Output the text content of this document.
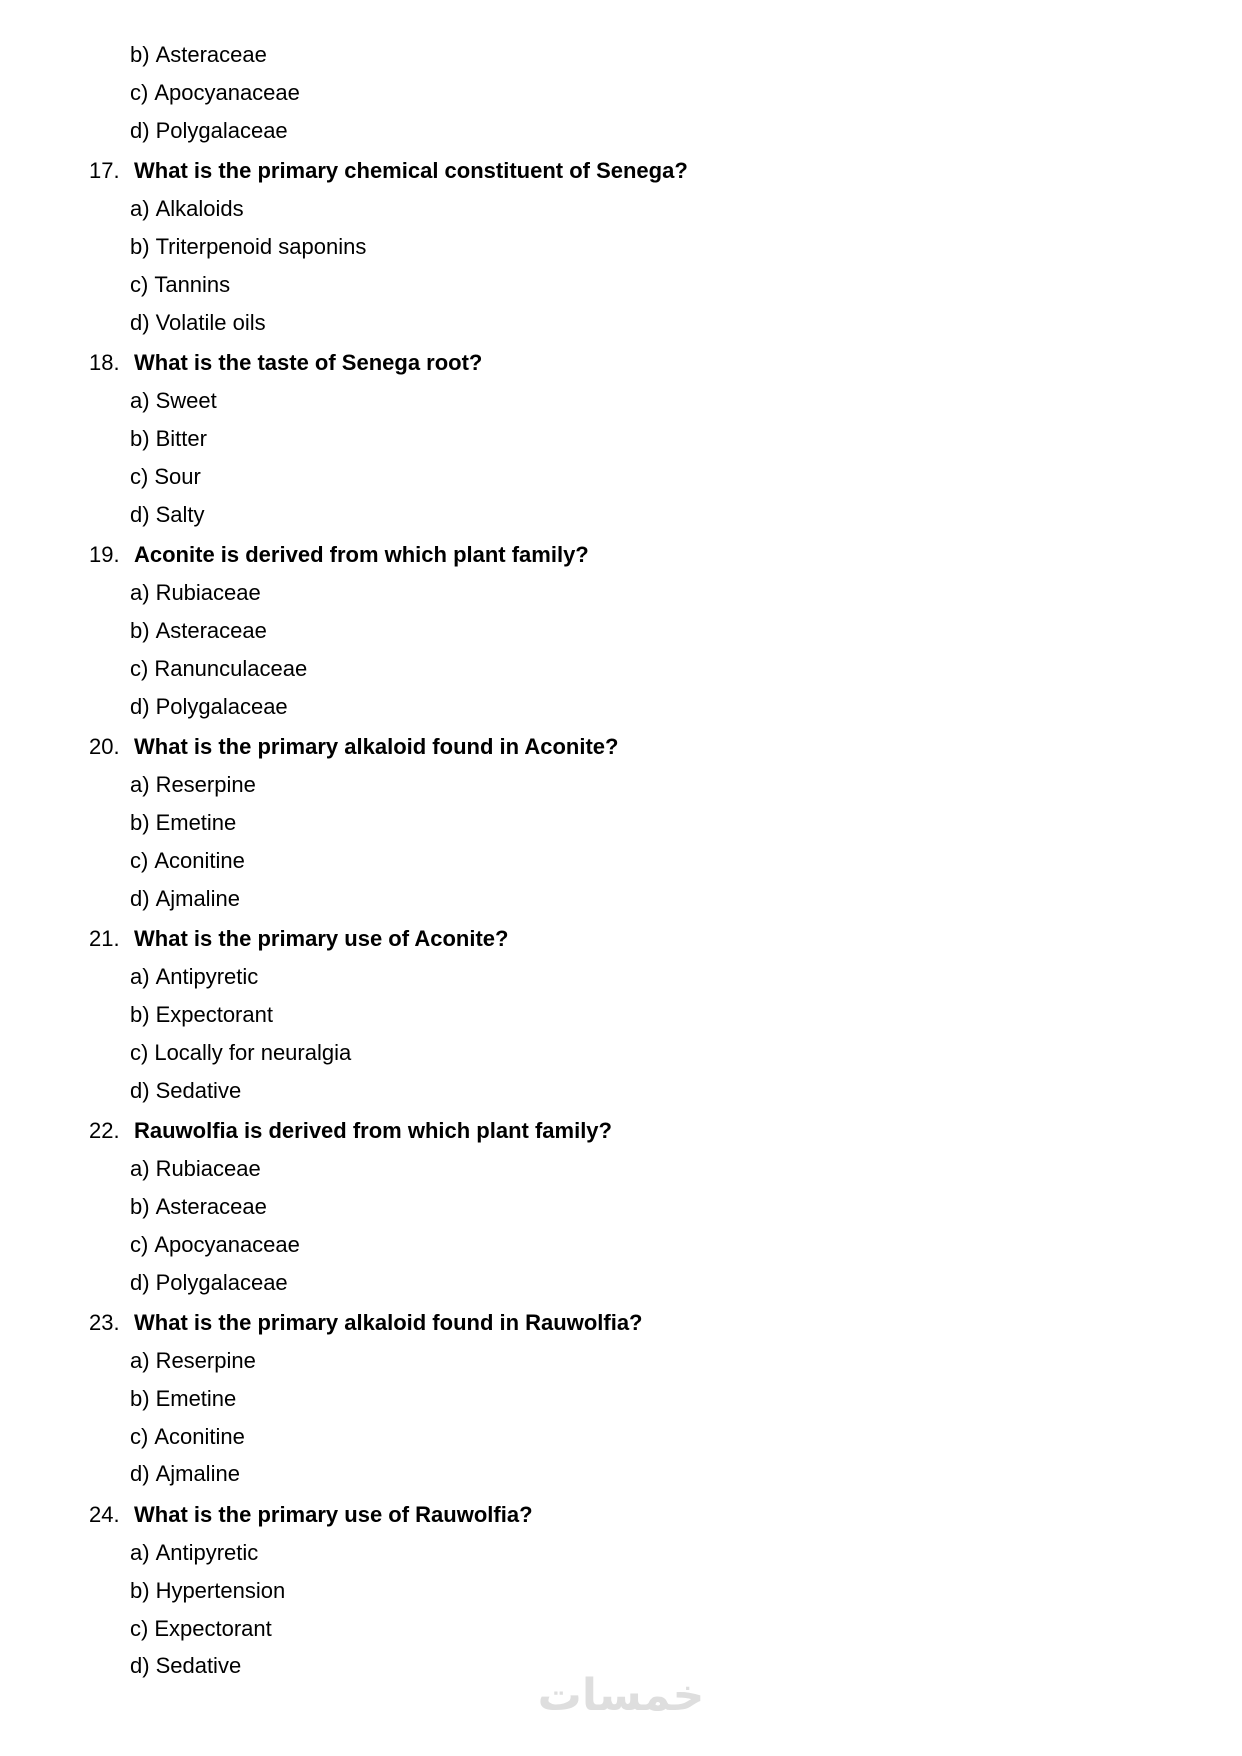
b) Asteraceae
c) Apocyanaceae
d) Polygalaceae
17. What is the primary chemical constituent of Senega?
a) Alkaloids
b) Triterpenoid saponins
c) Tannins
d) Volatile oils
18. What is the taste of Senega root?
a) Sweet
b) Bitter
c) Sour
d) Salty
19. Aconite is derived from which plant family?
a) Rubiaceae
b) Asteraceae
c) Ranunculaceae
d) Polygalaceae
20. What is the primary alkaloid found in Aconite?
a) Reserpine
b) Emetine
c) Aconitine
d) Ajmaline
21. What is the primary use of Aconite?
a) Antipyretic
b) Expectorant
c) Locally for neuralgia
d) Sedative
22. Rauwolfia is derived from which plant family?
a) Rubiaceae
b) Asteraceae
c) Apocyanaceae
d) Polygalaceae
23. What is the primary alkaloid found in Rauwolfia?
a) Reserpine
b) Emetine
c) Aconitine
d) Ajmaline
24. What is the primary use of Rauwolfia?
a) Antipyretic
b) Hypertension
c) Expectorant
d) Sedative
خمسات
